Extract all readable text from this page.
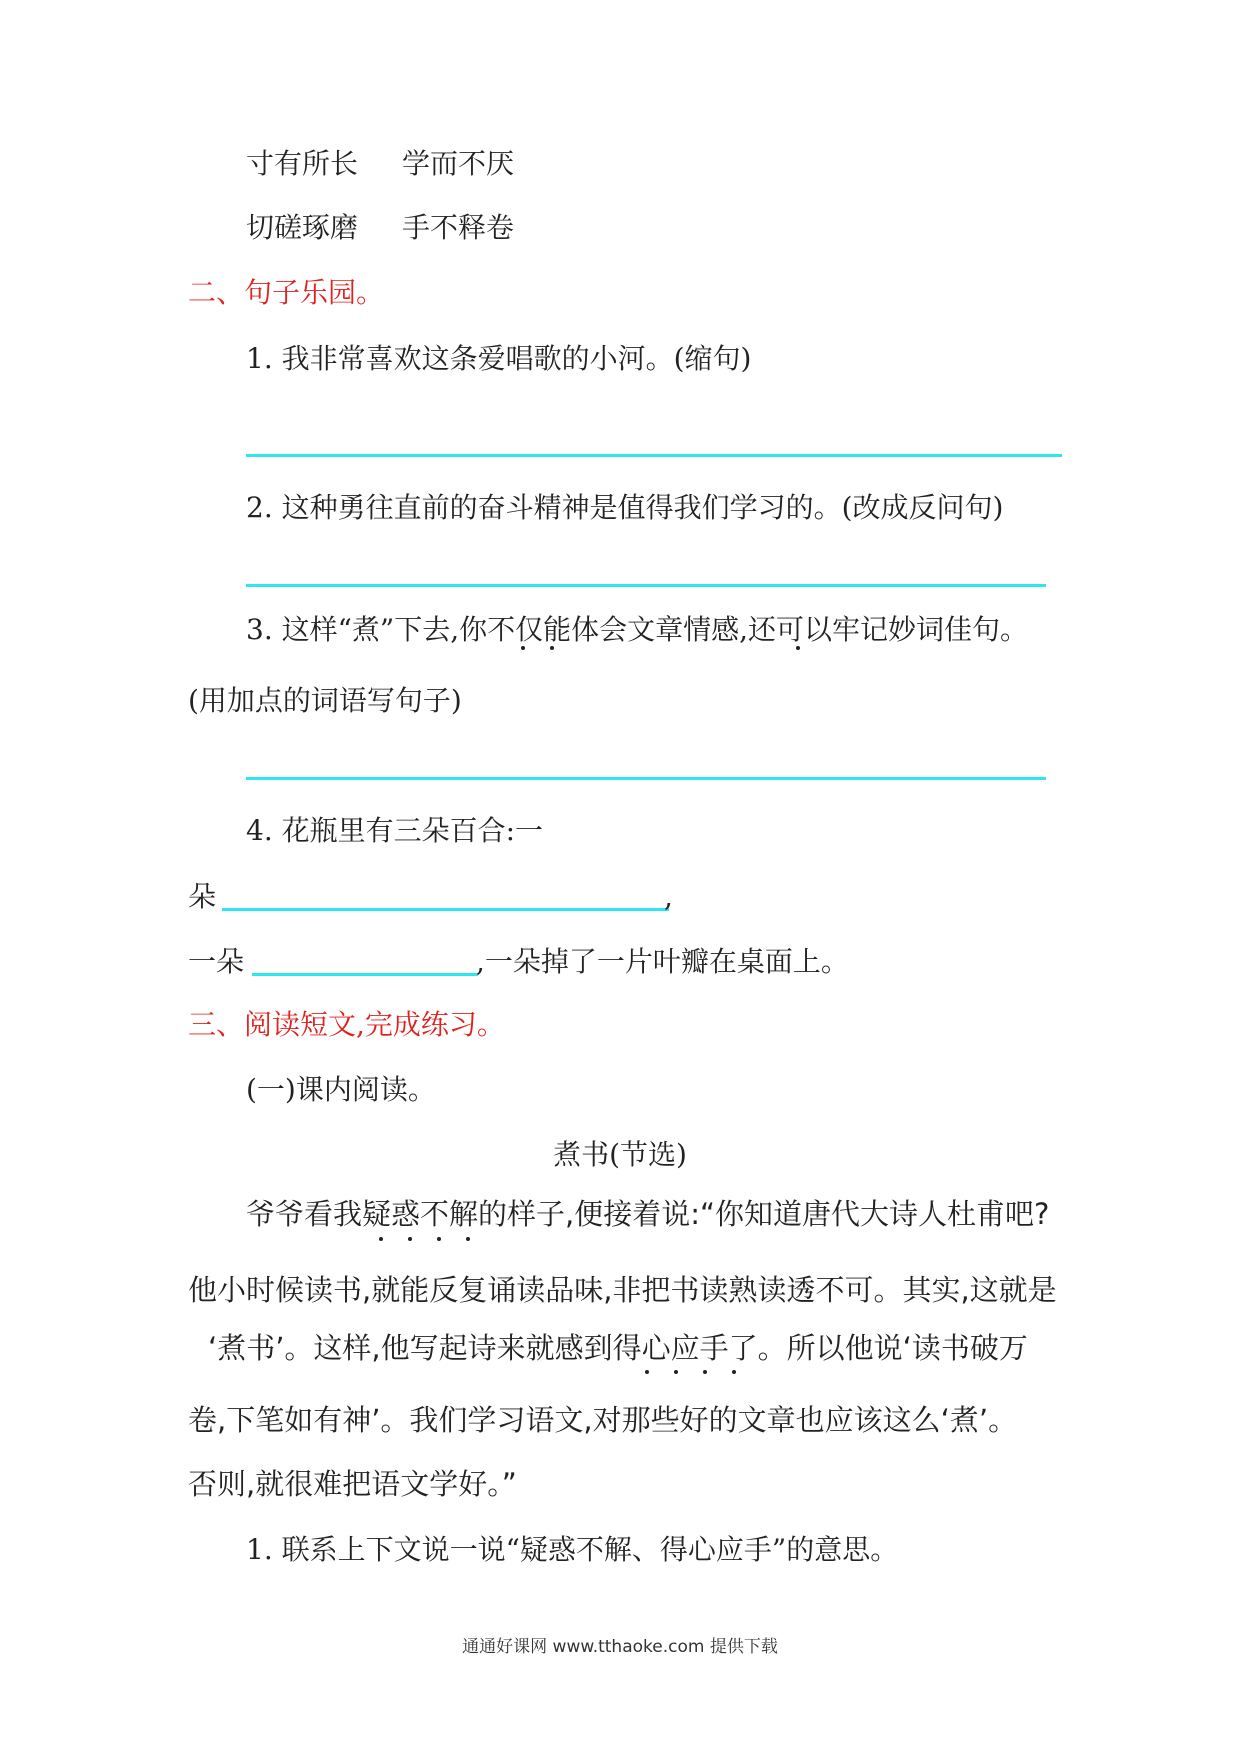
寸有所长 学而不厌
切磋琢磨 手不释卷
二、句子乐园。
1. 我非常喜欢这条爱唱歌的小河。(缩句)
2. 这种勇往直前的奋斗精神是值得我们学习的。(改成反问句)
3. 这样“煮”下去,你不仅能体会文章情感,还可以牢记妙词佳句。
(用加点的词语写句子)
4. 花瓶里有三朵百合:一
朵	,
一朵	,一朵掉了一片叶瓣在桌面上。
三、阅读短文,完成练习。
(一)课内阅读。
煮书(节选)
爷爷看我疑惑不解的样子,便接着说:“你知道唐代大诗人杜甫吧?
他小时候读书,就能反复诵读品味,非把书读熟读透不可。其实,这就是
‘煮书’。这样,他写起诗来就感到得心应手了。所以他说‘读书破万
卷,下笔如有神’。我们学习语文,对那些好的文章也应该这么‘煮’。
否则,就很难把语文学好。”
1. 联系上下文说一说“疑惑不解、得心应手”的意思。
通通好课网 www.tthaoke.com 提供下载
